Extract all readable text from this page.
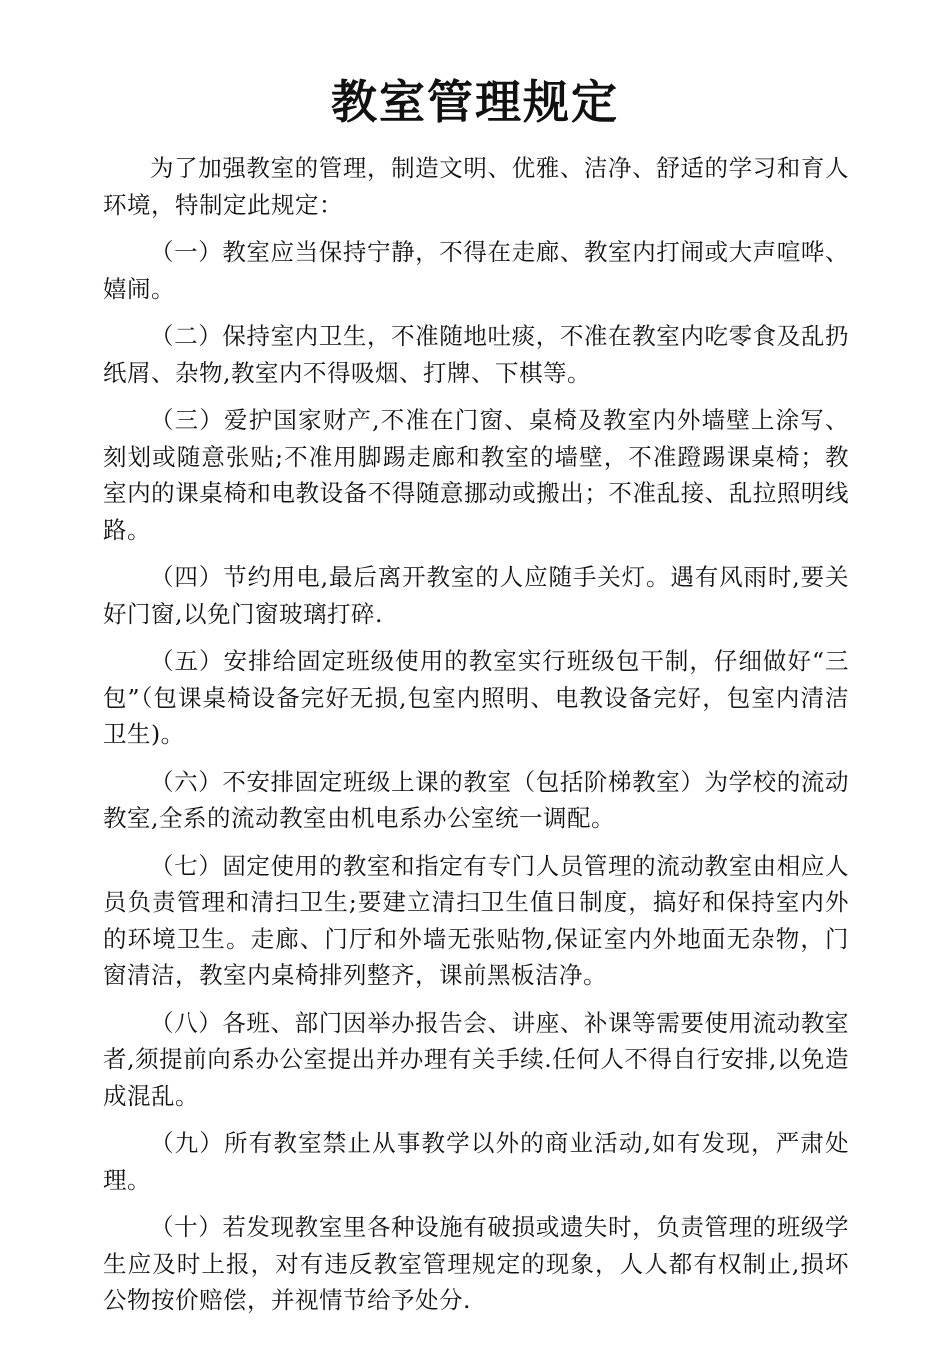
教室管理规定

为了加强教室的管理，制造文明、优雅、洁净、舒适的学习和育人环境，特制定此规定：

（一）教室应当保持宁静，不得在走廊、教室内打闹或大声喧哗、嬉闹。

（二）保持室内卫生，不准随地吐痰，不准在教室内吃零食及乱扔纸屑、杂物,教室内不得吸烟、打牌、下棋等。

（三）爱护国家财产,不准在门窗、桌椅及教室内外墙壁上涂写、刻划或随意张贴;不准用脚踢走廊和教室的墙壁，不准蹬踢课桌椅；教室内的课桌椅和电教设备不得随意挪动或搬出；不准乱接、乱拉照明线路。

（四）节约用电,最后离开教室的人应随手关灯。遇有风雨时,要关好门窗,以免门窗玻璃打碎.

（五）安排给固定班级使用的教室实行班级包干制，仔细做好“三包”（包课桌椅设备完好无损,包室内照明、电教设备完好，包室内清洁卫生)。

（六）不安排固定班级上课的教室（包括阶梯教室）为学校的流动教室,全系的流动教室由机电系办公室统一调配。

（七）固定使用的教室和指定有专门人员管理的流动教室由相应人员负责管理和清扫卫生;要建立清扫卫生值日制度，搞好和保持室内外的环境卫生。走廊、门厅和外墙无张贴物,保证室内外地面无杂物，门窗清洁，教室内桌椅排列整齐，课前黑板洁净。

（八）各班、部门因举办报告会、讲座、补课等需要使用流动教室者,须提前向系办公室提出并办理有关手续.任何人不得自行安排,以免造成混乱。

（九）所有教室禁止从事教学以外的商业活动,如有发现，严肃处理。

（十）若发现教室里各种设施有破损或遗失时，负责管理的班级学生应及时上报，对有违反教室管理规定的现象，人人都有权制止,损坏公物按价赔偿，并视情节给予处分.
